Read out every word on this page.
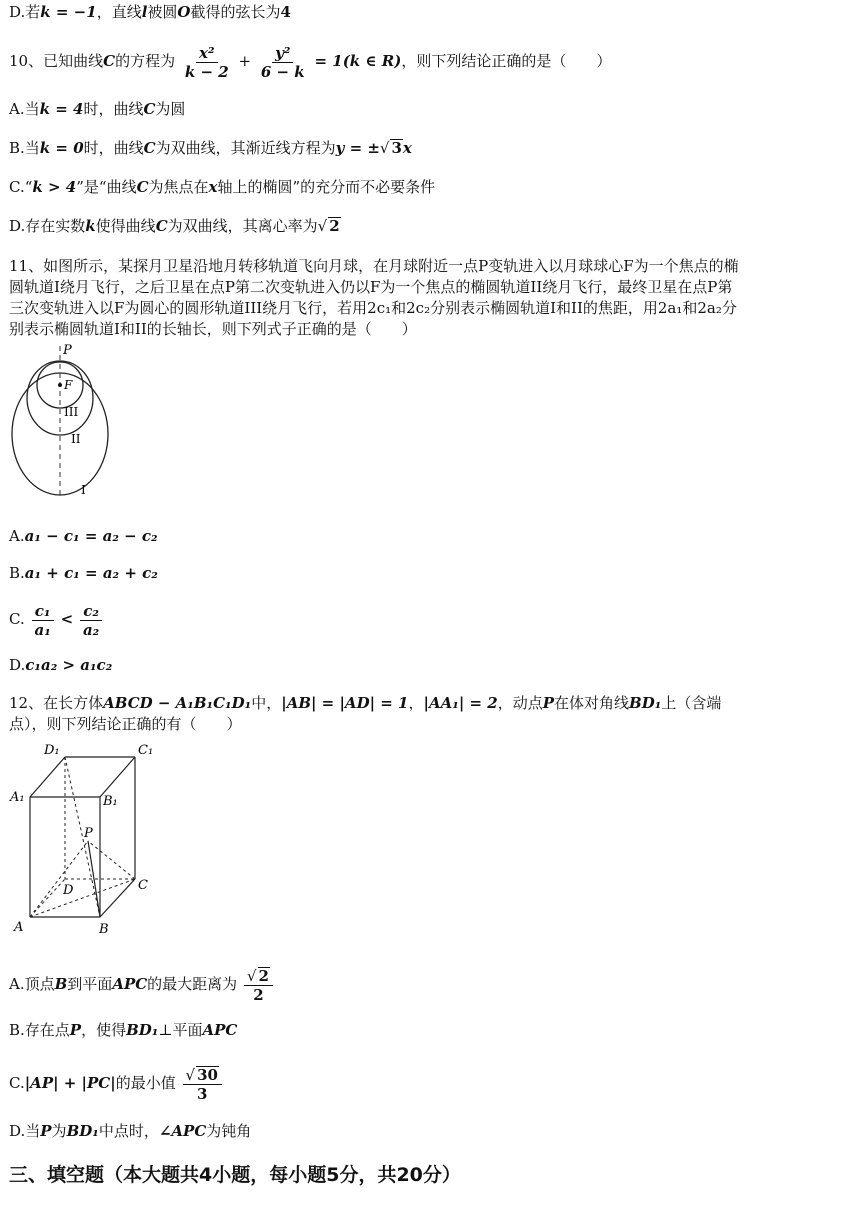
D.若k = −1，直线l被圆O截得的弦长为4
10、已知曲线C的方程为 $\frac{\text{x²}}{k - 2} + \frac{\text{y²}}{6 - k} = 1(k$ ∈ R)，则下列结论正确的是（　　）
A.当k = 4时，曲线C为圆
B.当k = 0时，曲线C为双曲线，其渐近线方程为y = ±√ 3x
C.“k > 4”是“曲线C为焦点在x轴上的椭圆”的充分而不必要条件
D.存在实数k使得曲线C为双曲线，其离心率为√ 2
11、如图所示，某探月卫星沿地月转移轨道飞向月球，在月球附近一点P变轨进入以月球球心F为一个焦点的椭
圆轨道I绕月飞行，之后卫星在点P第二次变轨进入仍以F为一个焦点的椭圆轨道II绕月飞行，最终卫星在点P第
三次变轨进入以F为圆心的圆形轨道III绕月飞行，若用2c₁和2c₂分别表示椭圆轨道I和II的焦距，用2a₁和2a₂分
别表示椭圆轨道I和II的长轴长，则下列式子正确的是（　　）
P
F
III
II
I
A.a₁ − c₁ = a₂ − c₂
B.a₁ + c₁ = a₂ + c₂
C. $\frac{\text{c₁}}{\text{a₁}} < \frac{\text{c₂}}{\text{a₂}}$
D.c₁a₂ > a₁c₂
12、在长方体ABCD − A₁B₁C₁D₁中，|AB| = |AD| = 1，|AA₁| = 2，动点P在体对角线BD₁上（含端
点），则下列结论正确的有（　　）
D₁	C₁
A₁	B₁
P
D	C
A	B
A.顶点B到平面APC的最大距离为 $\frac{√ 2}{2}$
B.存在点P，使得BD₁⊥平面APC
C.|AP| + |PC|的最小值 $\frac{√ 30}{3}$
D.当P为BD₁中点时，∠APC为钝角
三、填空题（本大题共4小题，每小题5分，共20分）
